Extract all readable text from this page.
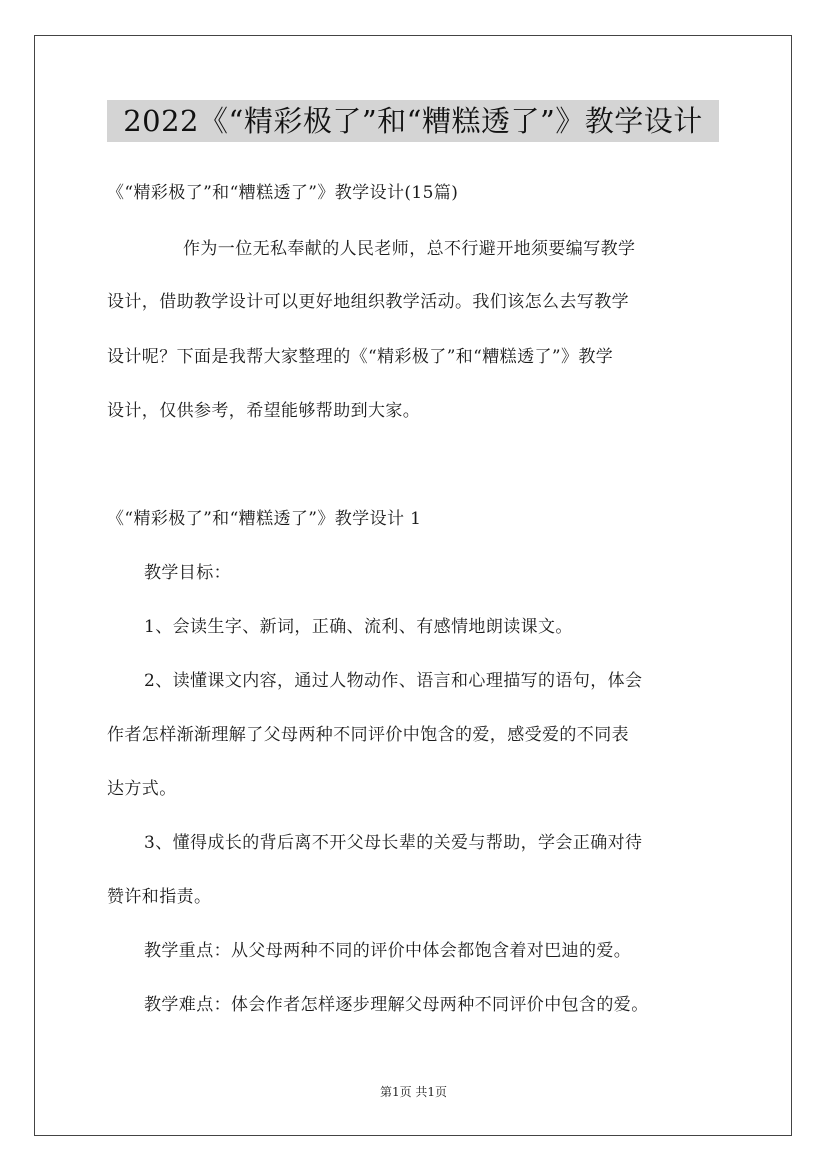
2022《“精彩极了”和“糟糕透了”》教学设计
《“精彩极了”和“糟糕透了”》教学设计(15篇)
作为一位无私奉献的人民老师，总不行避开地须要编写教学
设计，借助教学设计可以更好地组织教学活动。我们该怎么去写教学
设计呢？下面是我帮大家整理的《“精彩极了”和“糟糕透了”》教学
设计，仅供参考，希望能够帮助到大家。
《“精彩极了”和“糟糕透了”》教学设计 1
教学目标：
1、会读生字、新词，正确、流利、有感情地朗读课文。
2、读懂课文内容，通过人物动作、语言和心理描写的语句，体会
作者怎样渐渐理解了父母两种不同评价中饱含的爱，感受爱的不同表
达方式。
3、懂得成长的背后离不开父母长辈的关爱与帮助，学会正确对待
赞许和指责。
教学重点：从父母两种不同的评价中体会都饱含着对巴迪的爱。
教学难点：体会作者怎样逐步理解父母两种不同评价中包含的爱。
第1页 共1页
